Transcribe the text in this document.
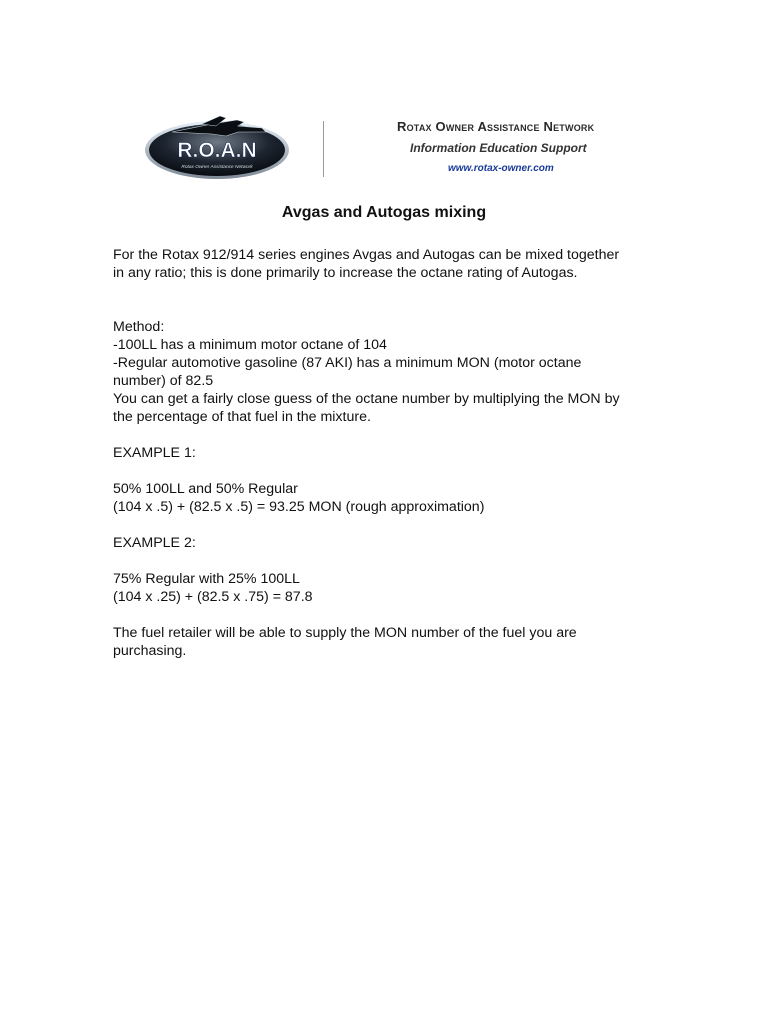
R.O.A.N
Rotax Owner Assistance Network
Rotax Owner Assistance Network
Information Education Support
www.rotax-owner.com
Avgas and Autogas mixing

For the Rotax 912/914 series engines Avgas and Autogas can be mixed together

in any ratio; this is done primarily to increase the octane rating of Autogas.

Method:

-100LL has a minimum motor octane of 104

-Regular automotive gasoline (87 AKI) has a minimum MON (motor octane

number) of 82.5

You can get a fairly close guess of the octane number by multiplying the MON by

the percentage of that fuel in the mixture.

EXAMPLE 1:

50% 100LL and 50% Regular

(104 x .5) + (82.5 x .5) = 93.25 MON (rough approximation)

EXAMPLE 2:

75% Regular with 25% 100LL

(104 x .25) + (82.5 x .75) = 87.8

The fuel retailer will be able to supply the MON number of the fuel you are

purchasing.
